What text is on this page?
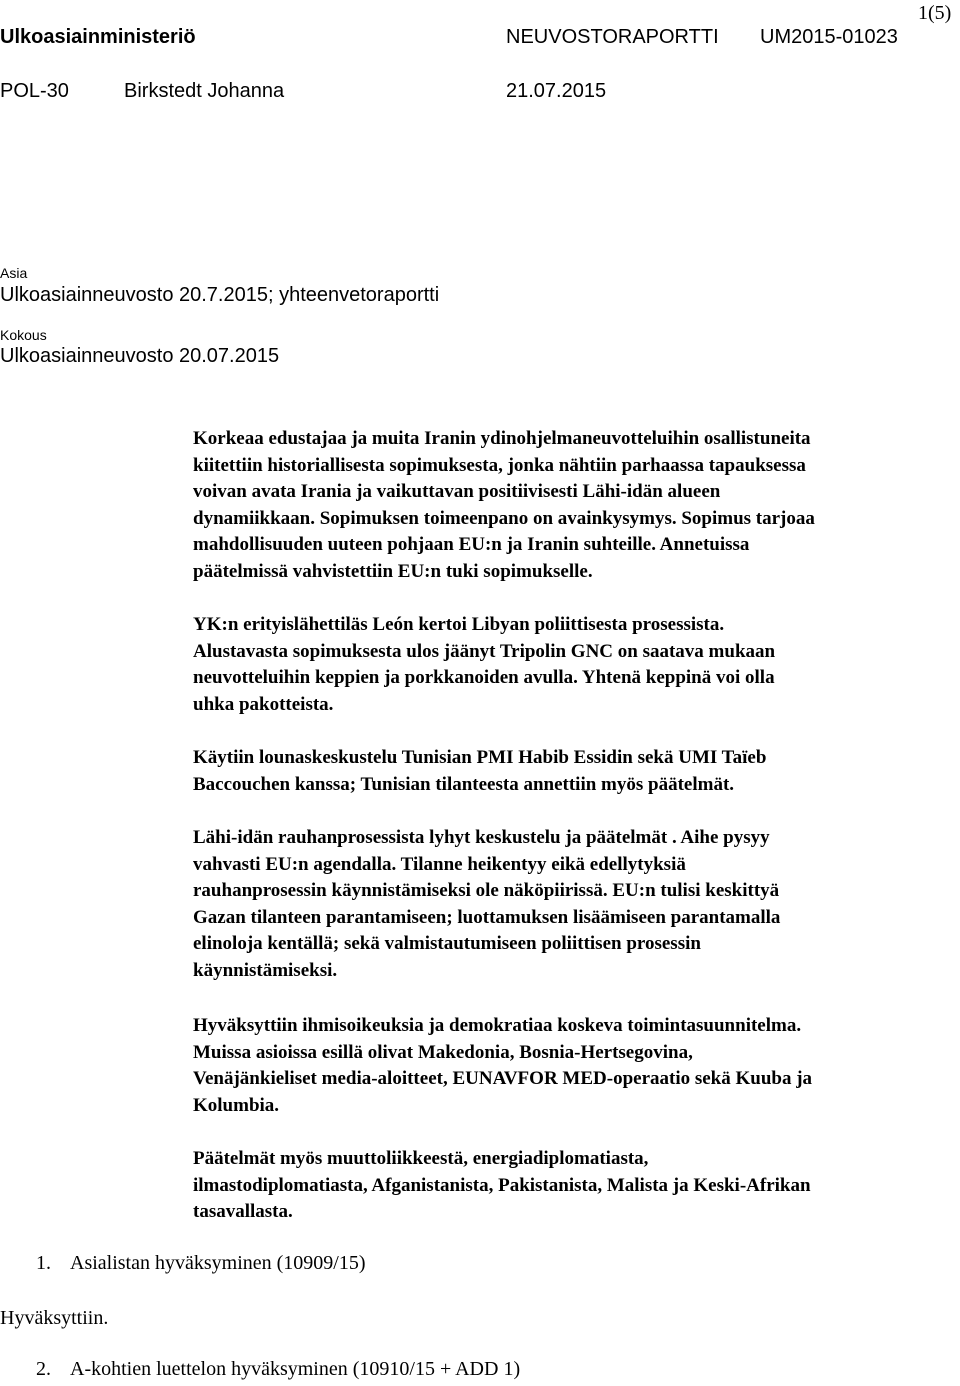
Ulkoasiainministeriö	NEUVOSTORAPORTTI UM2015-01023
1(5)
POL-30	Birkstedt Johanna	21.07.2015
Asia
Ulkoasiainneuvosto 20.7.2015; yhteenvetoraportti
Kokous
Ulkoasiainneuvosto 20.07.2015

Korkeaa edustajaa ja muita Iranin ydinohjelmaneuvotteluihin osallistuneita

kiitettiin historiallisesta sopimuksesta, jonka nähtiin parhaassa tapauksessa

voivan avata Irania ja vaikuttavan positiivisesti Lähi-idän alueen

dynamiikkaan. Sopimuksen toimeenpano on avainkysymys. Sopimus tarjoaa

mahdollisuuden uuteen pohjaan EU:n ja Iranin suhteille. Annetuissa

päätelmissä vahvistettiin EU:n tuki sopimukselle.

YK:n erityislähettiläs León kertoi Libyan poliittisesta prosessista.

Alustavasta sopimuksesta ulos jäänyt Tripolin GNC on saatava mukaan

neuvotteluihin keppien ja porkkanoiden avulla. Yhtenä keppinä voi olla

uhka pakotteista.

Käytiin lounaskeskustelu Tunisian PMI Habib Essidin sekä UMI Taïeb

Baccouchen kanssa; Tunisian tilanteesta annettiin myös päätelmät.

Lähi-idän rauhanprosessista lyhyt keskustelu ja päätelmät . Aihe pysyy

vahvasti EU:n agendalla. Tilanne heikentyy eikä edellytyksiä

rauhanprosessin käynnistämiseksi ole näköpiirissä. EU:n tulisi keskittyä

Gazan tilanteen parantamiseen; luottamuksen lisäämiseen parantamalla

elinoloja kentällä; sekä valmistautumiseen poliittisen prosessin

käynnistämiseksi.

Hyväksyttiin ihmisoikeuksia ja demokratiaa koskeva toimintasuunnitelma.

Muissa asioissa esillä olivat Makedonia, Bosnia-Hertsegovina,

Venäjänkieliset media-aloitteet, EUNAVFOR MED-operaatio sekä Kuuba ja

Kolumbia.

Päätelmät myös muuttoliikkeestä, energiadiplomatiasta,

ilmastodiplomatiasta, Afganistanista, Pakistanista, Malista ja Keski-Afrikan

tasavallasta.

1. Asialistan hyväksyminen (10909/15)
Hyväksyttiin.
2. A-kohtien luettelon hyväksyminen (10910/15 + ADD 1)
